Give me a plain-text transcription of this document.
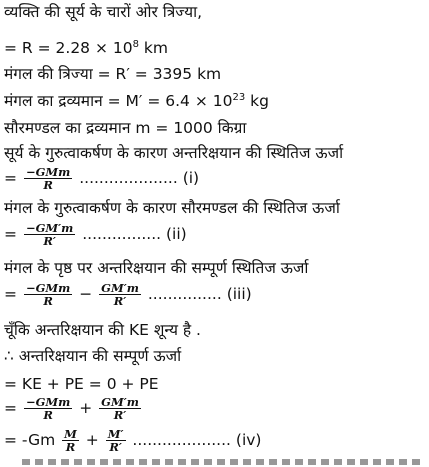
व्यक्ति की सूर्य के चारों ओर त्रिज्या,
= $R = 2.28 \times 10^8$ km
मंगल की त्रिज्या = R′ = 3395 km
मंगल का द्रव्यमान = $M' = 6.4 \times 10^{23}$ kg
सौरमण्डल का द्रव्यमान m = 1000 किग्रा
सूर्य के गुरुत्वाकर्षण के कारण अन्तरिक्षयान की स्थितिज ऊर्जा
= $\frac{\text{−GMm}}{R}$ .................... (i)
मंगल के गुरुत्वाकर्षण के कारण सौरमण्डल की स्थितिज ऊर्जा
= $\frac{-GM'm}{R'}$ ................ (ii)
मंगल के पृष्ठ पर अन्तरिक्षयान की सम्पूर्ण स्थितिज ऊर्जा
= $\frac{\text{−GMm}}{R} - \frac{GM'm}{R'}$ ............... (iii)
चूँकि अन्तरिक्षयान की KE शून्य है .
∴ अन्तरिक्षयान की सम्पूर्ण ऊर्जा
= KE + PE = 0 + PE
= $\frac{\text{−GMm}}{R} + \frac{GM'm}{R'}$
= $-Gm \frac{M}{R} + \frac{M'}{R'}$ .................... (iv)
